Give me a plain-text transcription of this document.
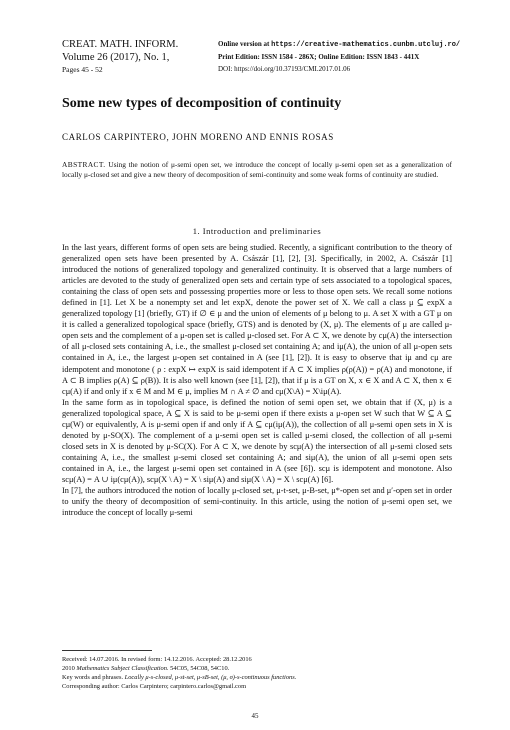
CREAT. MATH. INFORM.
Volume 26 (2017), No. 1,
Pages 45 - 52
Online version at https://creative-mathematics.cunbm.utcluj.ro/
Print Edition: ISSN 1584 - 286X; Online Edition: ISSN 1843 - 441X
DOI: https://doi.org/10.37193/CMI.2017.01.06
Some new types of decomposition of continuity
CARLOS CARPINTERO, JOHN MORENO AND ENNIS ROSAS
ABSTRACT. Using the notion of μ-semi open set, we introduce the concept of locally μ-semi open set as a generalization of locally μ-closed set and give a new theory of decomposition of semi-continuity and some weak forms of continuity are studied.
1. Introduction and preliminaries

In the last years, different forms of open sets are being studied. Recently, a significant contribution to the theory of generalized open sets have been presented by A. Császár [1], [2], [3]. Specifically, in 2002, A. Császár [1] introduced the notions of generalized topology and generalized continuity. It is observed that a large numbers of articles are devoted to the study of generalized open sets and certain type of sets associated to a topological spaces, containing the class of open sets and possessing properties more or less to those open sets. We recall some notions defined in [1]. Let X be a nonempty set and let expX, denote the power set of X. We call a class μ ⊆ expX a generalized topology [1] (briefly, GT) if ∅ ∈ μ and the union of elements of μ belong to μ. A set X with a GT μ on it is called a generalized topological space (briefly, GTS) and is denoted by (X, μ). The elements of μ are called μ-open sets and the complement of a μ-open set is called μ-closed set. For A ⊂ X, we denote by cμ(A) the intersection of all μ-closed sets containing A, i.e., the smallest μ-closed set containing A; and iμ(A), the union of all μ-open sets contained in A, i.e., the largest μ-open set contained in A (see [1], [2]). It is easy to observe that iμ and cμ are idempotent and monotone ( ρ : expX ↦ expX is said idempotent if A ⊂ X implies ρ(ρ(A)) = ρ(A) and monotone, if A ⊂ B implies ρ(A) ⊆ ρ(B)). It is also well known (see [1], [2]), that if μ is a GT on X, x ∈ X and A ⊂ X, then x ∈ cμ(A) if and only if x ∈ M and M ∈ μ, implies M ∩ A ≠ ∅ and cμ(X\A) = X\iμ(A).

In the same form as in topological space, is defined the notion of semi open set, we obtain that if (X, μ) is a generalized topological space, A ⊆ X is said to be μ-semi open if there exists a μ-open set W such that W ⊆ A ⊆ cμ(W) or equivalently, A is μ-semi open if and only if A ⊆ cμ(iμ(A)), the collection of all μ-semi open sets in X is denoted by μ-SO(X). The complement of a μ-semi open set is called μ-semi closed, the collection of all μ-semi closed sets in X is denoted by μ-SC(X). For A ⊂ X, we denote by scμ(A) the intersection of all μ-semi closed sets containing A, i.e., the smallest μ-semi closed set containing A; and siμ(A), the union of all μ-semi open sets contained in A, i.e., the largest μ-semi open set contained in A (see [6]). scμ is idempotent and monotone. Also scμ(A) = A ∪ iμ(cμ(A)), scμ(X \ A) = X \ siμ(A) and siμ(X \ A) = X \ scμ(A) [6].

In [7], the authors introduced the notion of locally μ-closed set, μ-t-set, μ-B-set, μ*-open set and μ′-open set in order to unify the theory of decomposition of semi-continuity. In this article, using the notion of μ-semi open set, we introduce the concept of locally μ-semi

Received: 14.07.2016. In revised form: 14.12.2016. Accepted: 28.12.2016
2010 Mathematics Subject Classification. 54C05, 54C08, 54C10.
Key words and phrases. Locally μ-s-closed, μ-st-set, μ-sB-set, (μ, σ)-s-continuous functions.
Corresponding author: Carlos Carpintero; carpintero.carlos@gmail.com
45
